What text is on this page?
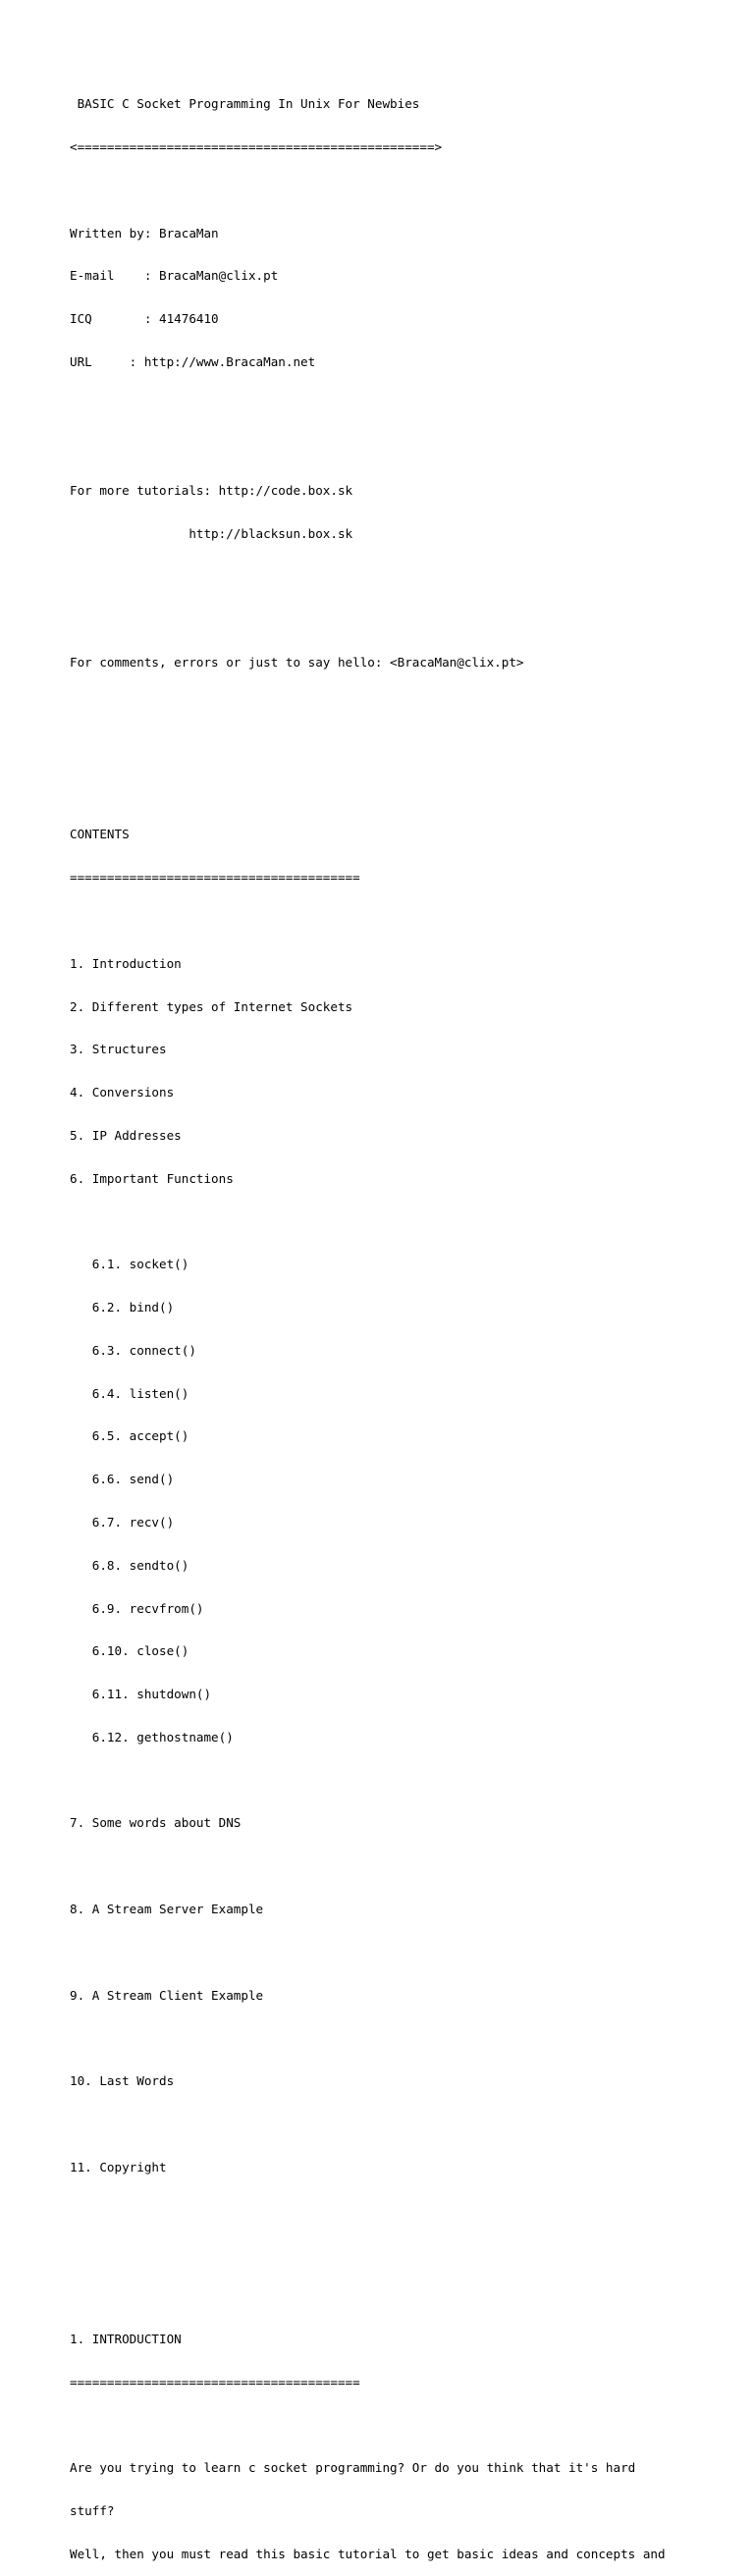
BASIC C Socket Programming In Unix For Newbies

<================================================>

Written by: BracaMan

E-mail    : BracaMan@clix.pt

ICQ       : 41476410

URL     : http://www.BracaMan.net

For more tutorials: http://code.box.sk

http://blacksun.box.sk

For comments, errors or just to say hello: <BracaMan@clix.pt>

CONTENTS

=======================================

1. Introduction

2. Different types of Internet Sockets

3. Structures

4. Conversions

5. IP Addresses

6. Important Functions

6.1. socket()

6.2. bind()

6.3. connect()

6.4. listen()

6.5. accept()

6.6. send()

6.7. recv()

6.8. sendto()

6.9. recvfrom()

6.10. close()

6.11. shutdown()

6.12. gethostname()

7. Some words about DNS

8. A Stream Server Example

9. A Stream Client Example

10. Last Words

11. Copyright

1. INTRODUCTION

=======================================

Are you trying to learn c socket programming? Or do you think that it's hard

stuff?

Well, then you must read this basic tutorial to get basic ideas and concepts and
